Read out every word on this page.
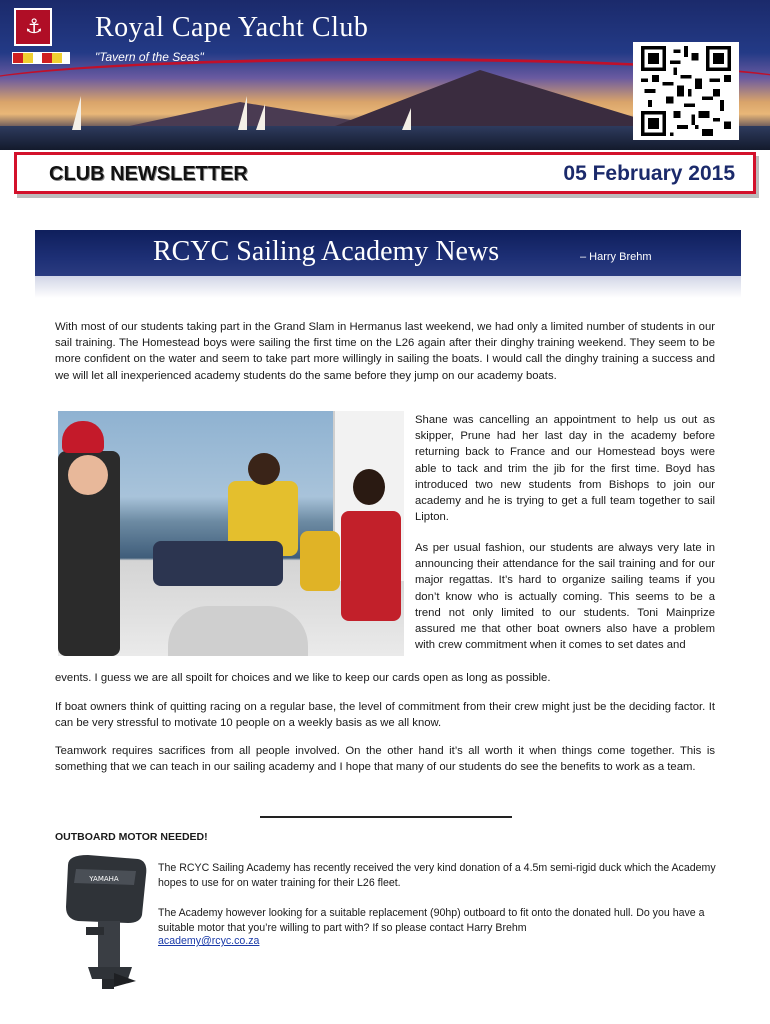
⚓ Royal Cape Yacht Club
"Tavern of the Seas"
CLUB NEWSLETTER	05 February 2015
RCYC Sailing Academy News	– Harry Brehm

With most of our students taking part in the Grand Slam in Hermanus last weekend, we had only a limited number of students in our sail training. The Homestead boys were sailing the first time on the L26 again after their dinghy training weekend. They seem to be more confident on the water and seem to take part more willingly in sailing the boats. I would call the dinghy training a success and we will let all inexperienced academy students do the same before they jump on our academy boats.

Shane was cancelling an appointment to help us out as skipper, Prune had her last day in the academy before returning back to France and our Homestead boys were able to tack and trim the jib for the first time. Boyd has introduced two new students from Bishops to join our academy and he is trying to get a full team together to sail Lipton.

As per usual fashion, our students are always very late in announcing their attendance for the sail training and for our major regattas. It’s hard to organize sailing teams if you don’t know who is actually coming. This seems to be a trend not only limited to our students. Toni Mainprize assured me that other boat owners also have a problem with crew commitment when it comes to set dates and

events. I guess we are all spoilt for choices and we like to keep our cards open as long as possible.

If boat owners think of quitting racing on a regular base, the level of commitment from their crew might just be the deciding factor. It can be very stressful to motivate 10 people on a weekly basis as we all know.

Teamwork requires sacrifices from all people involved. On the other hand it’s all worth it when things come together. This is something that we can teach in our sailing academy and I hope that many of our students do see the benefits to work as a team.

OUTBOARD MOTOR NEEDED!
YAMAHA

The RCYC Sailing Academy has recently received the very kind donation of a 4.5m semi-rigid duck which the Academy hopes to use for on water training for their L26 fleet.

The Academy however looking for a suitable replacement (90hp) outboard to fit onto the donated hull. Do you have a suitable motor that you’re willing to part with? If so please contact Harry Brehm

academy@rcyc.co.za
